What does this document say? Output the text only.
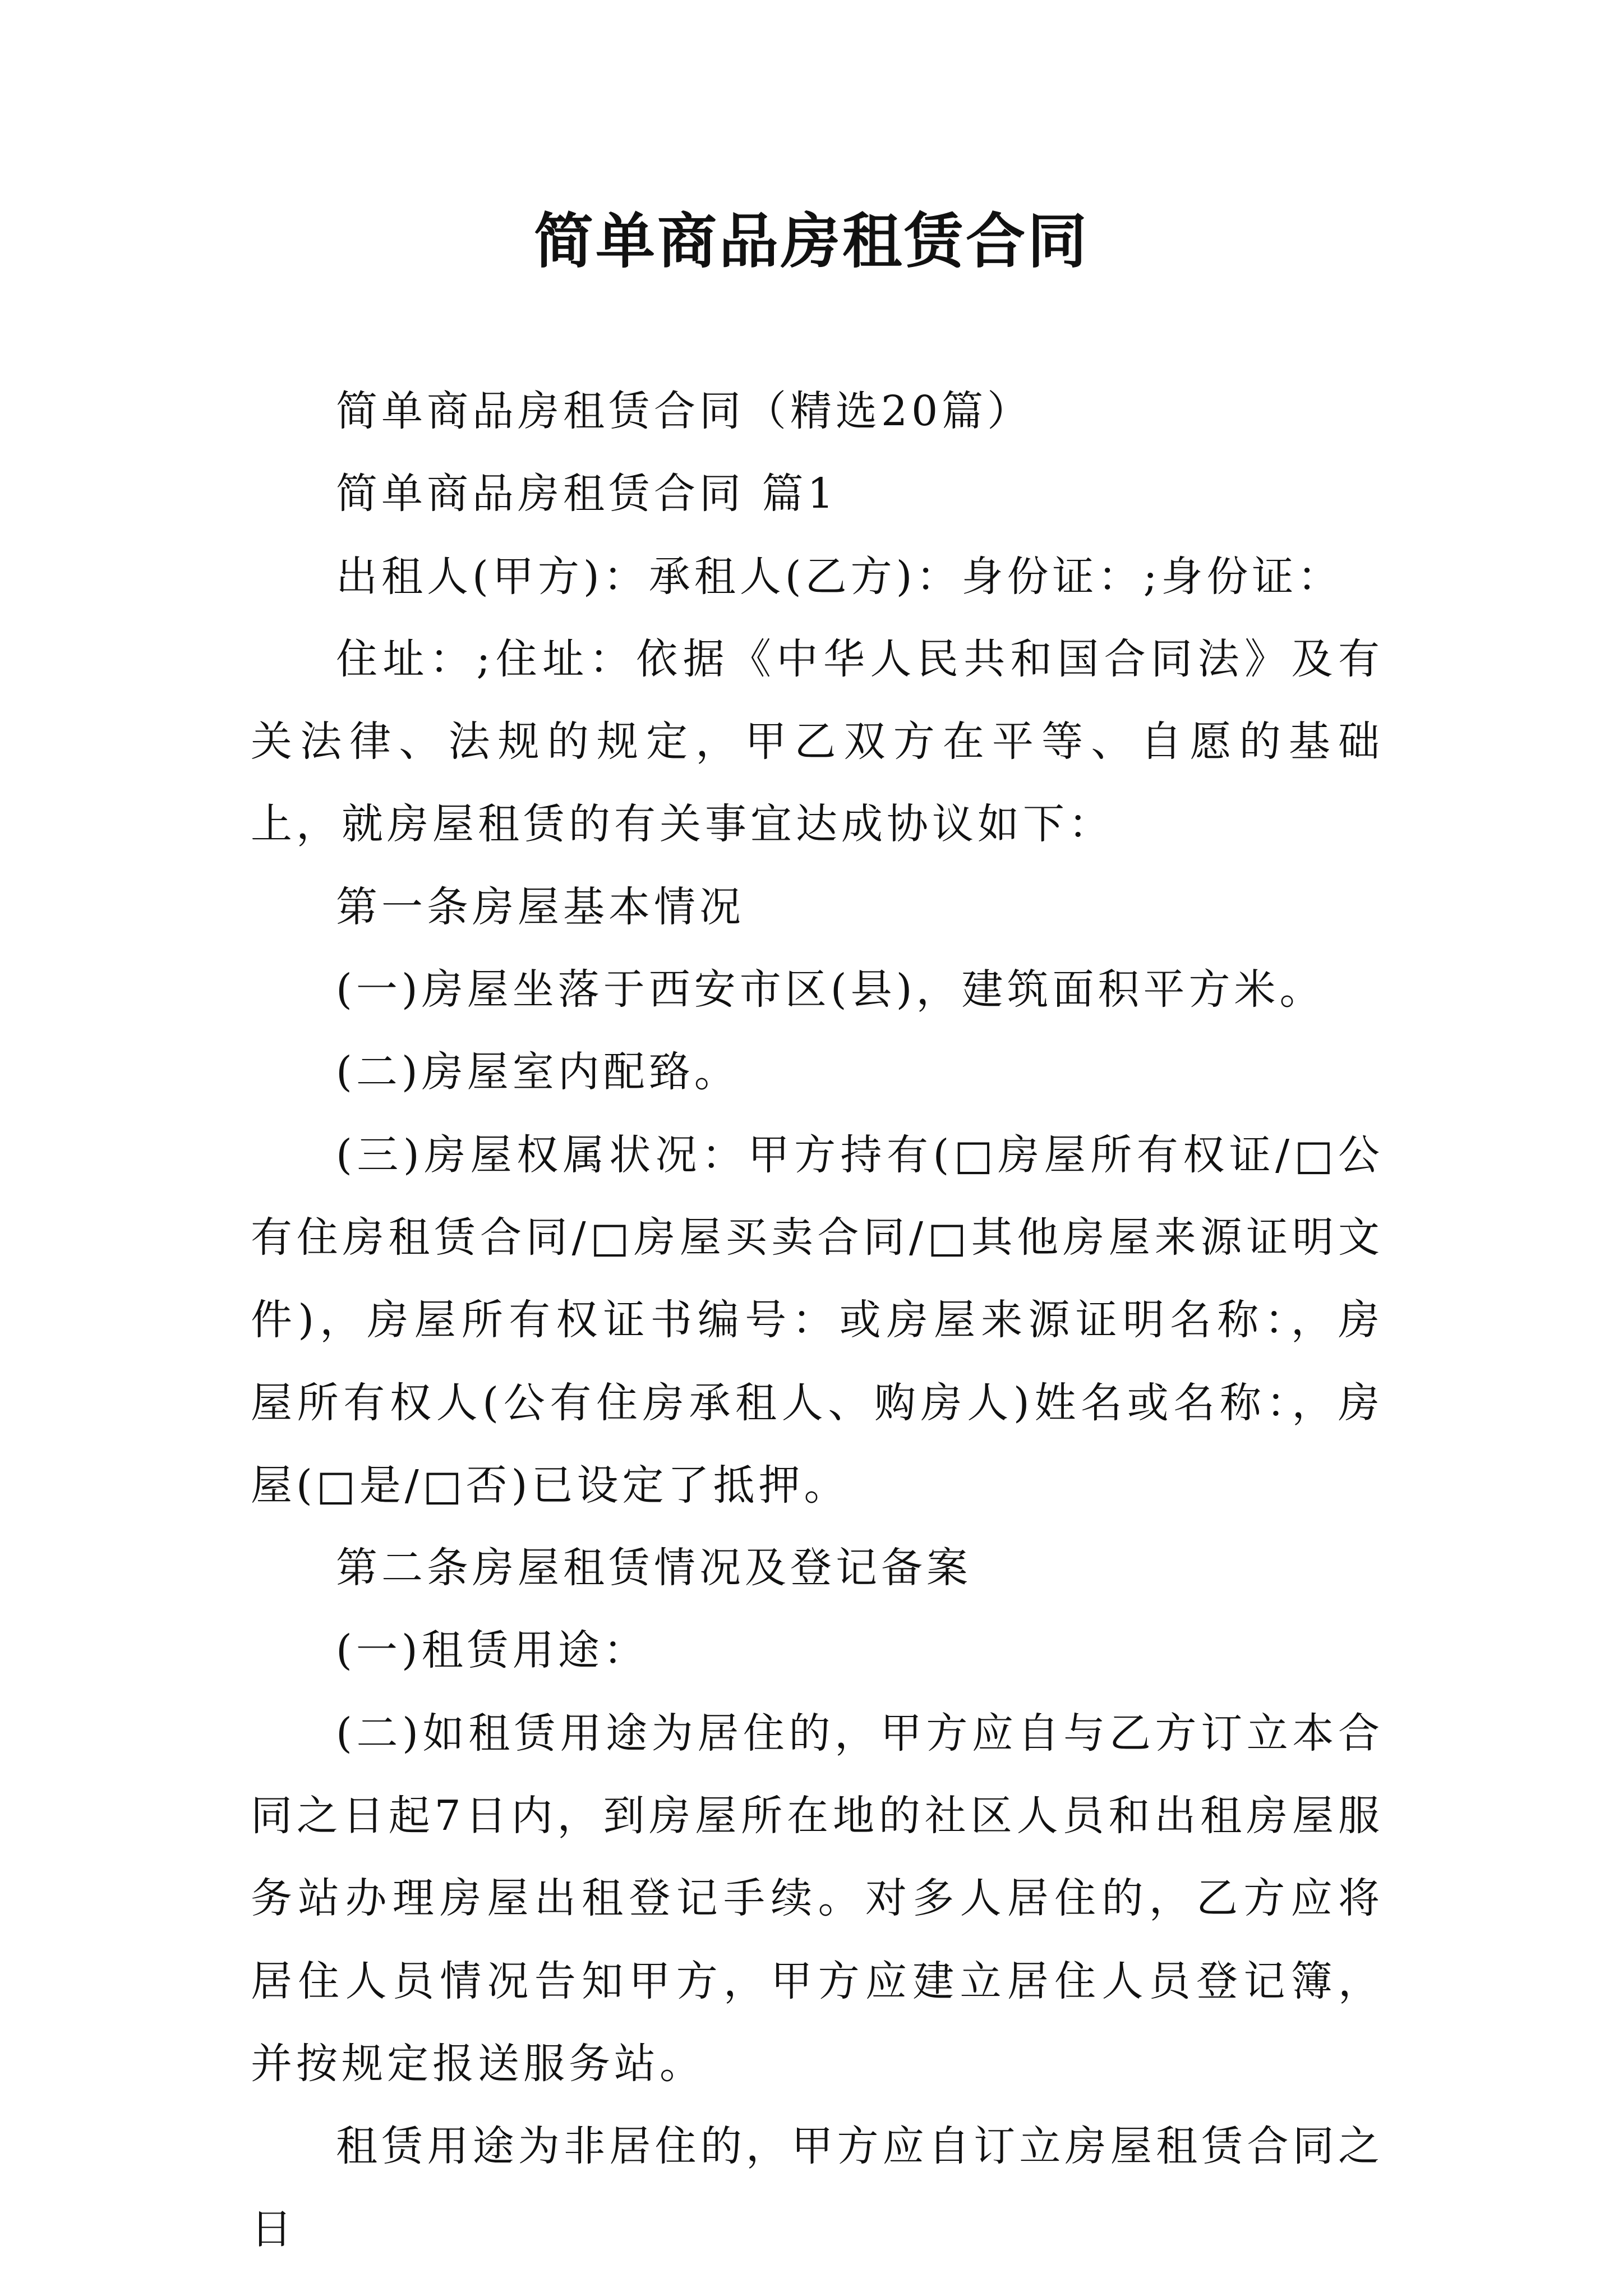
简单商品房租赁合同

简单商品房租赁合同（精选20篇）

简单商品房租赁合同 篇1

出租人(甲方)：承租人(乙方)：身份证：;身份证：

住址：;住址：依据《中华人民共和国合同法》及有关法律、法规的规定，甲乙双方在平等、自愿的基础上，就房屋租赁的有关事宜达成协议如下：

第一条房屋基本情况

(一)房屋坐落于西安市区(县)，建筑面积平方米。

(二)房屋室内配臵。

(三)房屋权属状况：甲方持有(□房屋所有权证/□公有住房租赁合同/□房屋买卖合同/□其他房屋来源证明文件)，房屋所有权证书编号：或房屋来源证明名称：，房屋所有权人(公有住房承租人、购房人)姓名或名称：，房屋(□是/□否)已设定了抵押。

第二条房屋租赁情况及登记备案

(一)租赁用途：

(二)如租赁用途为居住的，甲方应自与乙方订立本合同之日起7日内，到房屋所在地的社区人员和出租房屋服务站办理房屋出租登记手续。对多人居住的，乙方应将居住人员情况告知甲方，甲方应建立居住人员登记簿，并按规定报送服务站。

租赁用途为非居住的，甲方应自订立房屋租赁合同之日
